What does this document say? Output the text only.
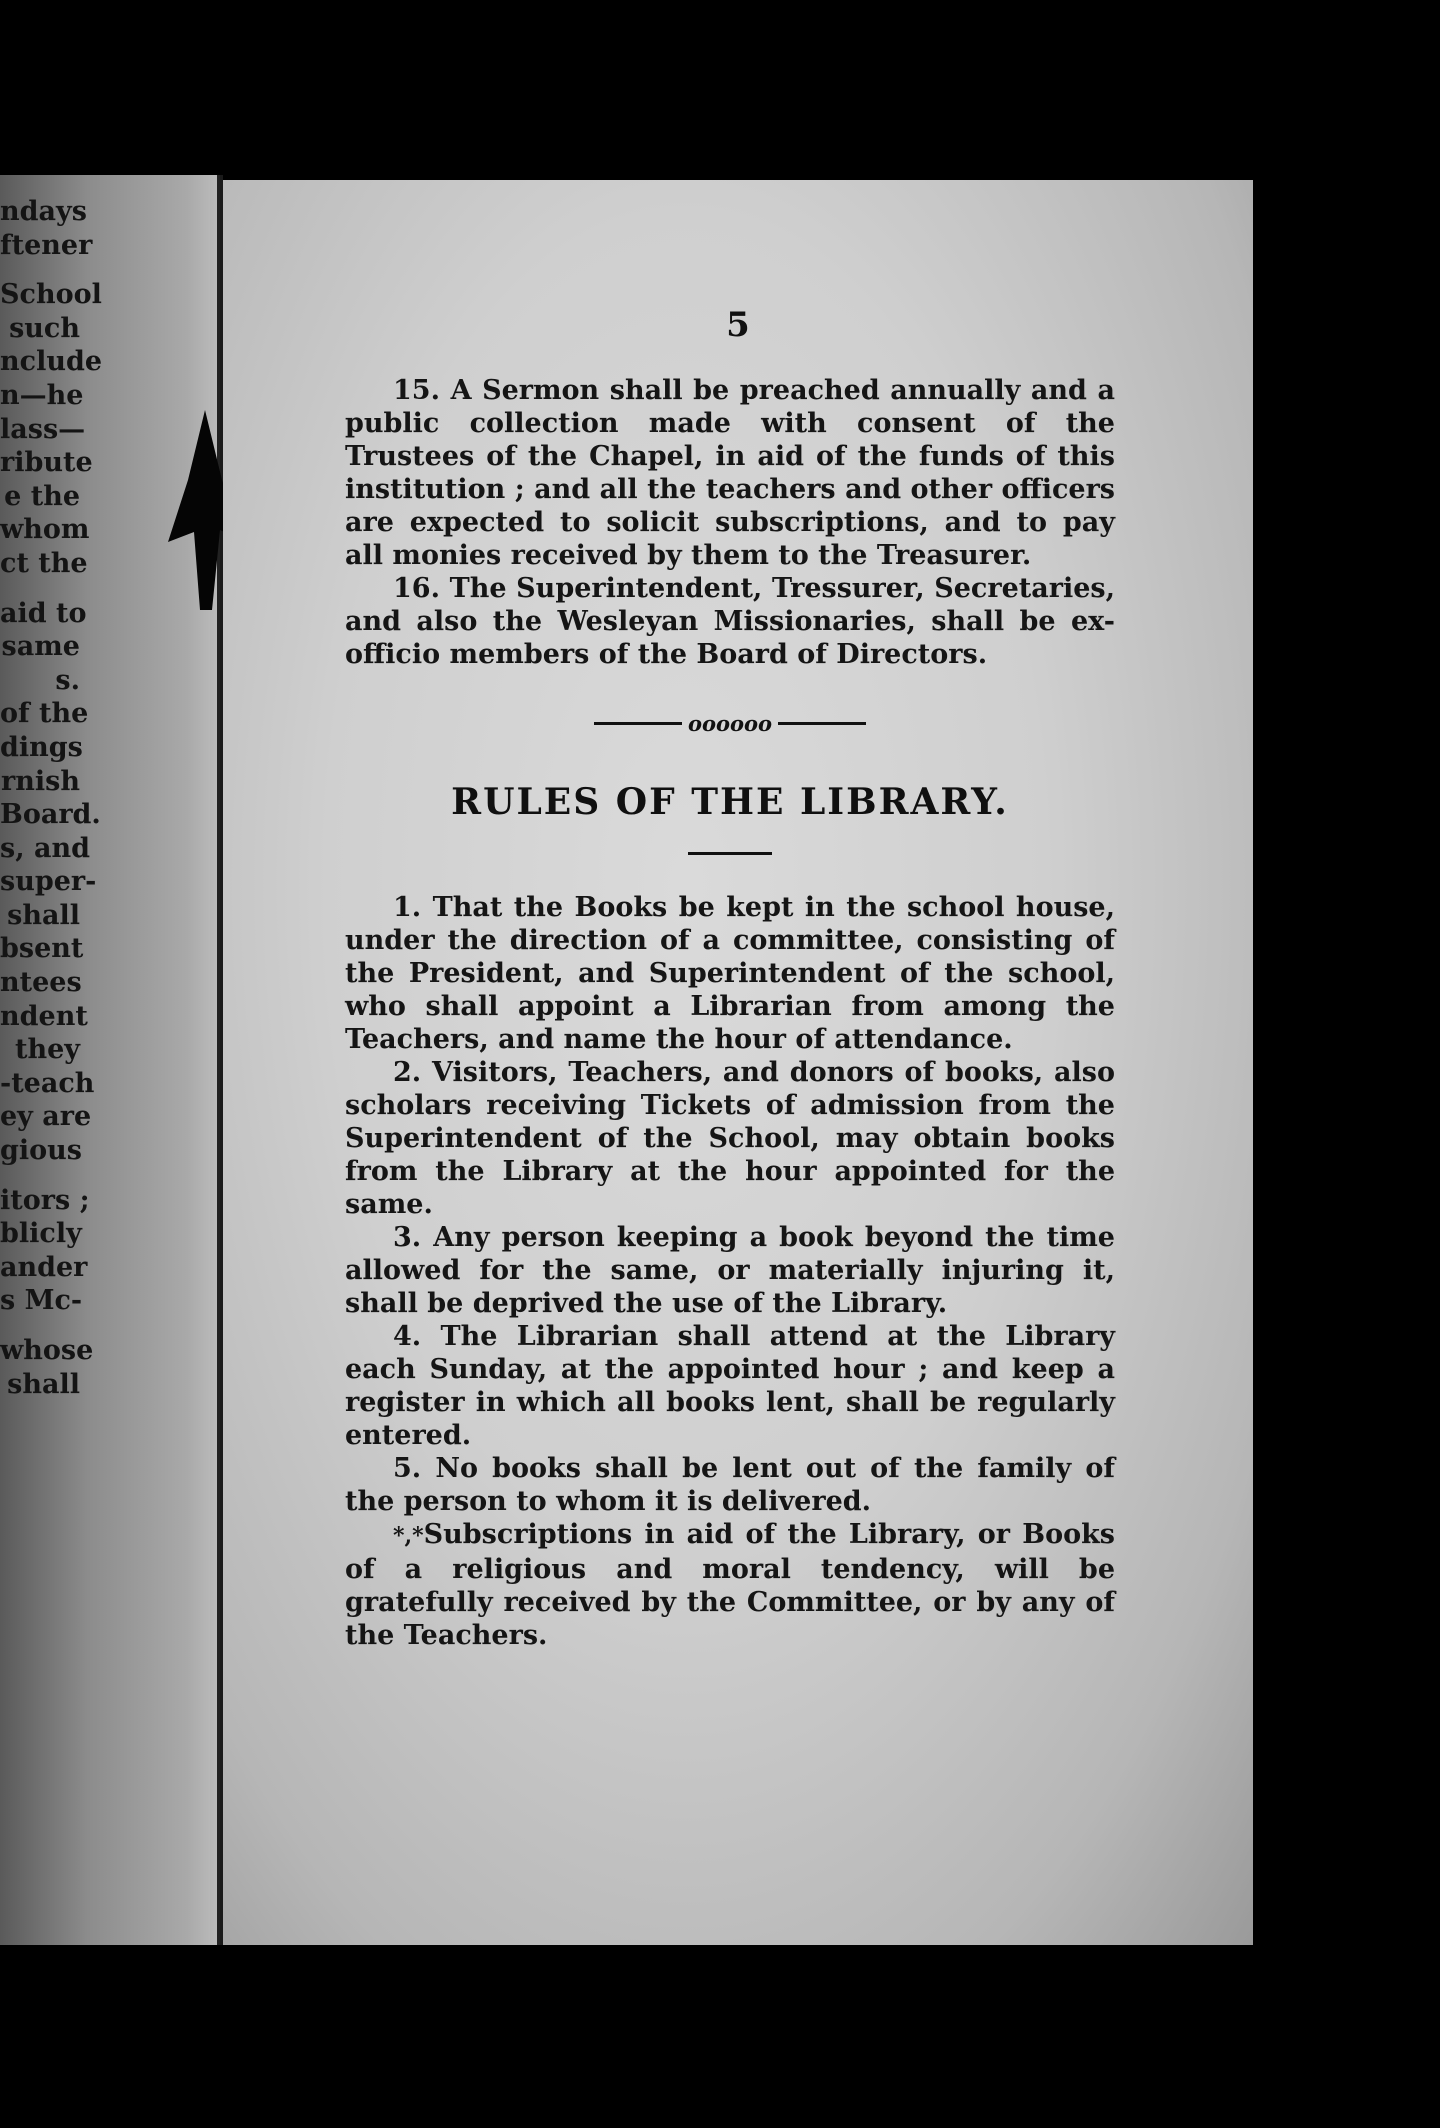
ndays
ftener
School
such
nclude
n—he
lass—
ribute
e the
whom
ct the
aid to
same
s.
of the
dings
rnish
Board.
s, and
super-
shall
bsent
ntees
ndent
they
-teach
ey are
gious
itors ;
blicly
ander
s Mc-
whose
shall
5

15. A Sermon shall be preached annually and a public collection made with consent of the Trustees of the Chapel, in aid of the funds of this institution ; and all the teachers and other officers are expected to solicit subscriptions, and to pay all monies received by them to the Treasurer.

16. The Superintendent, Tressurer, Secretaries, and also the Wesleyan Missionaries, shall be ex-officio members of the Board of Directors.

oooooo
RULES OF THE LIBRARY.

1. That the Books be kept in the school house, under the direction of a committee, consisting of the President, and Superintendent of the school, who shall appoint a Librarian from among the Teachers, and name the hour of attendance.

2. Visitors, Teachers, and donors of books, also scholars receiving Tickets of admission from the Superintendent of the School, may obtain books from the Library at the hour appointed for the same.

3. Any person keeping a book beyond the time allowed for the same, or materially injuring it, shall be deprived the use of the Library.

4. The Librarian shall attend at the Library each Sunday, at the appointed hour ; and keep a register in which all books lent, shall be regularly entered.

5. No books shall be lent out of the family of the person to whom it is delivered.

*,*Subscriptions in aid of the Library, or Books of a religious and moral tendency, will be gratefully received by the Committee, or by any of the Teachers.
